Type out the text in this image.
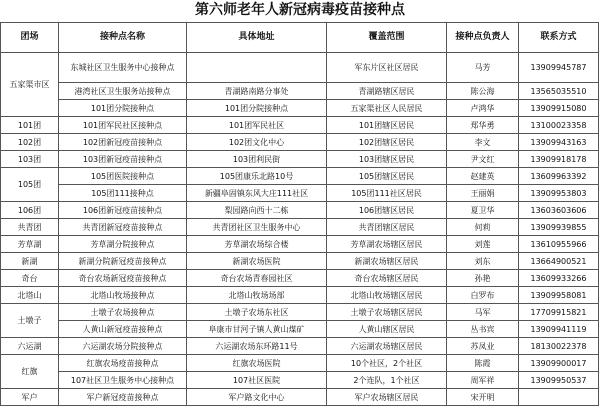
第六师老年人新冠病毒疫苗接种点
团场	接种点名称	具体地址	覆盖范围	接种点负责人	联系方式
五家渠市区	东城社区卫生服务中心接种点		军东片区社区居民	马芳	13909945787
	港湾社区卫生服务站接种点	青湖路南路分事处	青湖路辖区居民	陈公海	13565035510
	101团分院接种点	101团分院接种点	五家渠社区人民居民	卢鸿华	13909915080
101团	101团军民社区接种点	101团军民社区	101团辖区居民	郑华勇	13100023358
102团	102团新冠疫苗接种点	102团文化中心	102团辖区居民	李文	13909943163
103团	103团新冠疫苗接种点	103团利民街	103团辖区居民	尹文红	13909918178
105团	105团医院接种点	105团康乐北路10号	105团辖区居民	赵建英	13609963392
	105团111接种点	新疆阜固镇东风大庄111社区	105团111社区居民	王丽娟	13909953803
106团	106团新冠疫苗接种点	梨园路向西十二栋	106团辖区居民	夏卫华	13603603606
共青团	共青团新冠疫苗接种点	共青团社区卫生服务中心	共青团辖区居民	何莉	13909939855
芳草湖	芳草湖分院接种点	芳草湖农场综合楼	芳草湖农场辖区居民	刘莲	13610955966
新湖	新湖分院新冠疫苗接种点	新湖农场医院	新湖农场辖区居民	刘东	13664900521
奇台	奇台农场新冠疫苗接种点	奇台农场青春园社区	奇台农场辖区居民	孙艳	13609933266
北塔山	北塔山牧场接种点	北塔山牧场场部	北塔山牧场辖区居民	白罗布	13909958081
土墩子	土墩子农场接种点	土墩子农场东社区	土墩子农场辖区居民	马军	17709915821
	人黄山新冠疫苗接种点	阜康市甘河子镇人黄山煤矿	人黄山辖区居民	丛书宾	13909941119
六运湖	六运湖农场分院接种点	六运湖农场东环路11号	六运湖农场辖区居民	苏凤业	18130022378
红旗	红旗农场疫苗接种点	红旗农场医院	10个社区，2个社区	陈霞	13909900017
	107社区卫生服务中心接种点	107社区医院	2个连队，1个社区	周军祥	13909950537
军户	军户新冠疫苗接种点	军户路文化中心	军户农场辖区居民	宋开明	
